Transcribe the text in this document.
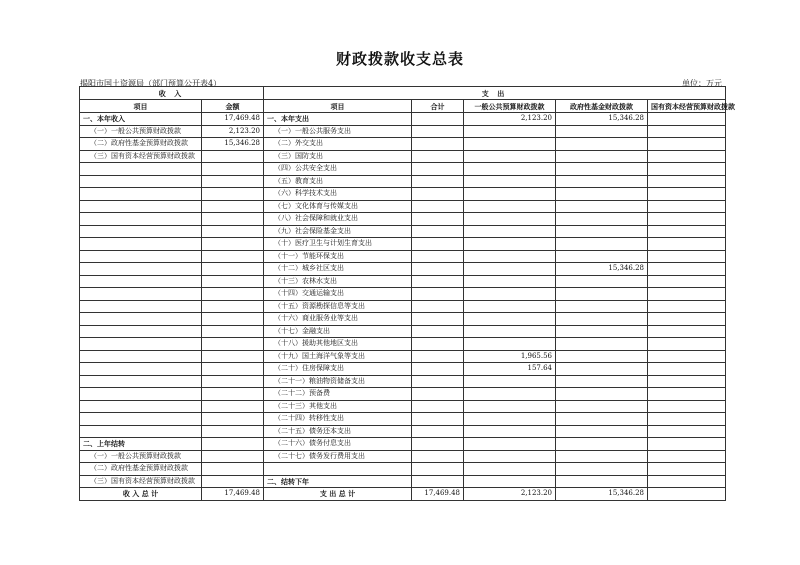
财政拨款收支总表
揭阳市国土资源局（部门预算公开表4）	单位：万元
收 入		支 出				
项目	金额	项目	合计	一般公共预算财政拨款	政府性基金财政拨款	国有资本经营预算财政拨款
一、本年收入	17,469.48	一、本年支出		2,123.20	15,346.28	
（一）一般公共预算财政拨款	2,123.20	（一）一般公共服务支出				
（二）政府性基金预算财政拨款	15,346.28	（二）外交支出				
（三）国有资本经营预算财政拨款		（三）国防支出				
		（四）公共安全支出				
		（五）教育支出				
		（六）科学技术支出				
		（七）文化体育与传媒支出				
		（八）社会保障和就业支出				
		（九）社会保险基金支出				
		（十）医疗卫生与计划生育支出				
		（十一）节能环保支出				
		（十二）城乡社区支出			15,346.28	
		（十三）农林水支出				
		（十四）交通运输支出				
		（十五）资源勘探信息等支出				
		（十六）商业服务业等支出				
		（十七）金融支出				
		（十八）援助其他地区支出				
		（十九）国土海洋气象等支出		1,965.56		
		（二十）住房保障支出		157.64		
		（二十一）粮油物资储备支出				
		（二十二）预备费				
		（二十三）其他支出				
		（二十四）转移性支出				
		（二十五）债务还本支出				
二、上年结转		（二十六）债务付息支出				
（一）一般公共预算财政拨款		（二十七）债务发行费用支出				
（二）政府性基金预算财政拨款						
（三）国有资本经营预算财政拨款		二、结转下年				
收 入 总 计	17,469.48	支 出 总 计	17,469.48	2,123.20	15,346.28	
